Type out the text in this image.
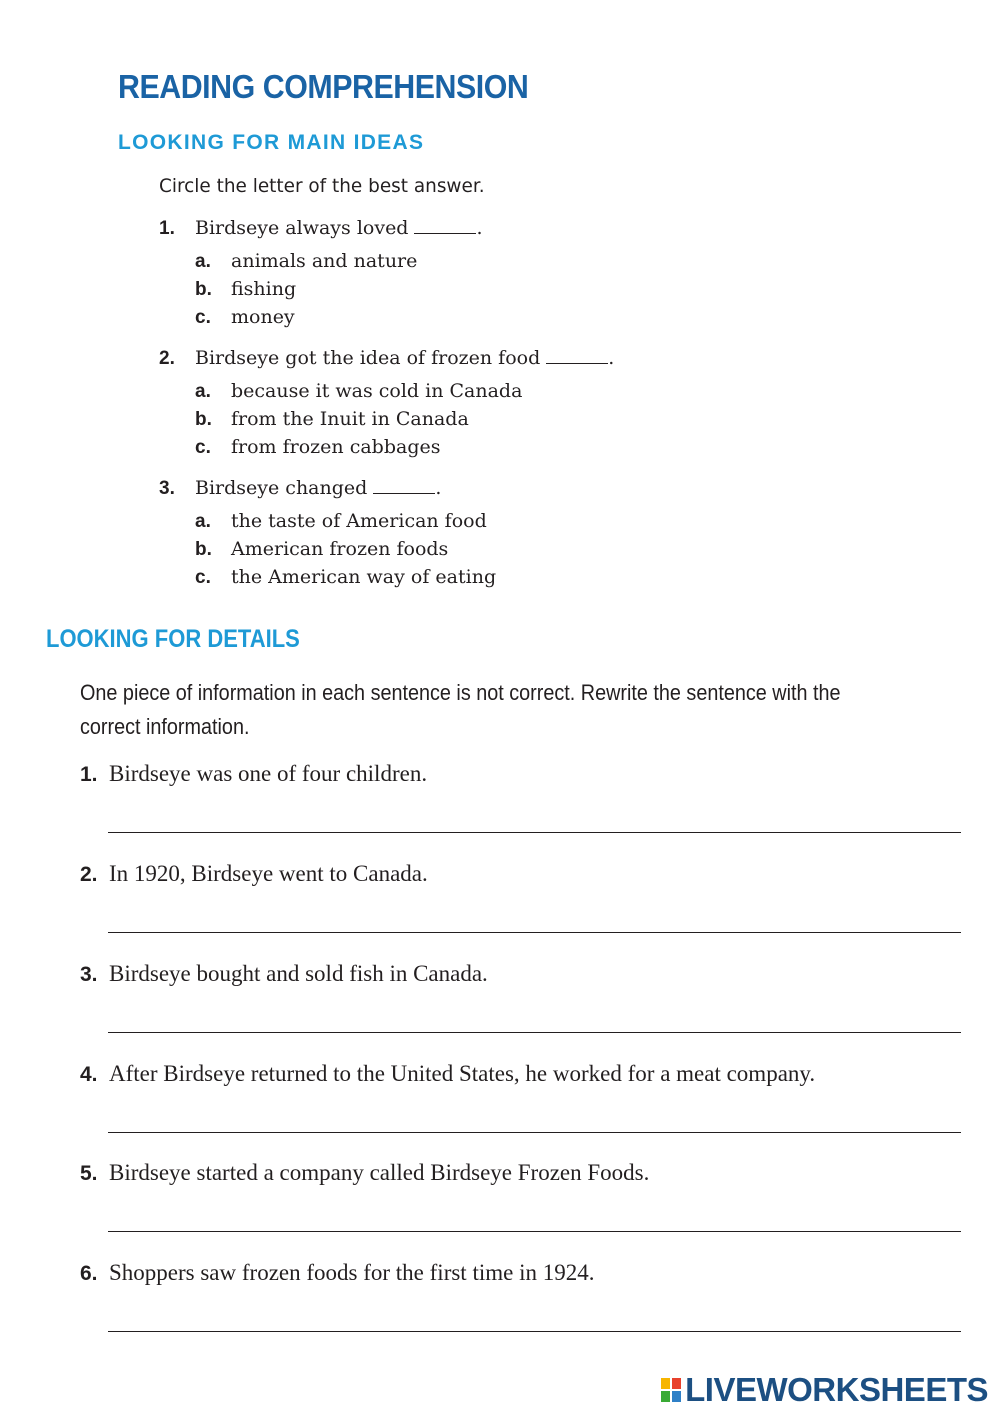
READING COMPREHENSION
LOOKING FOR MAIN IDEAS
Circle the letter of the best answer.
1. Birdseye always loved	.
a. animals and nature
b. fishing
c. money
2. Birdseye got the idea of frozen food	.
a. because it was cold in Canada
b. from the Inuit in Canada
c. from frozen cabbages
3. Birdseye changed	.
a. the taste of American food
b. American frozen foods
c. the American way of eating
LOOKING FOR DETAILS
One piece of information in each sentence is not correct. Rewrite the sentence with the correct information.
1. Birdseye was one of four children.
2. In 1920, Birdseye went to Canada.
3. Birdseye bought and sold fish in Canada.
4. After Birdseye returned to the United States, he worked for a meat company.
5. Birdseye started a company called Birdseye Frozen Foods.
6. Shoppers saw frozen foods for the first time in 1924.
LIVEWORKSHEETS
